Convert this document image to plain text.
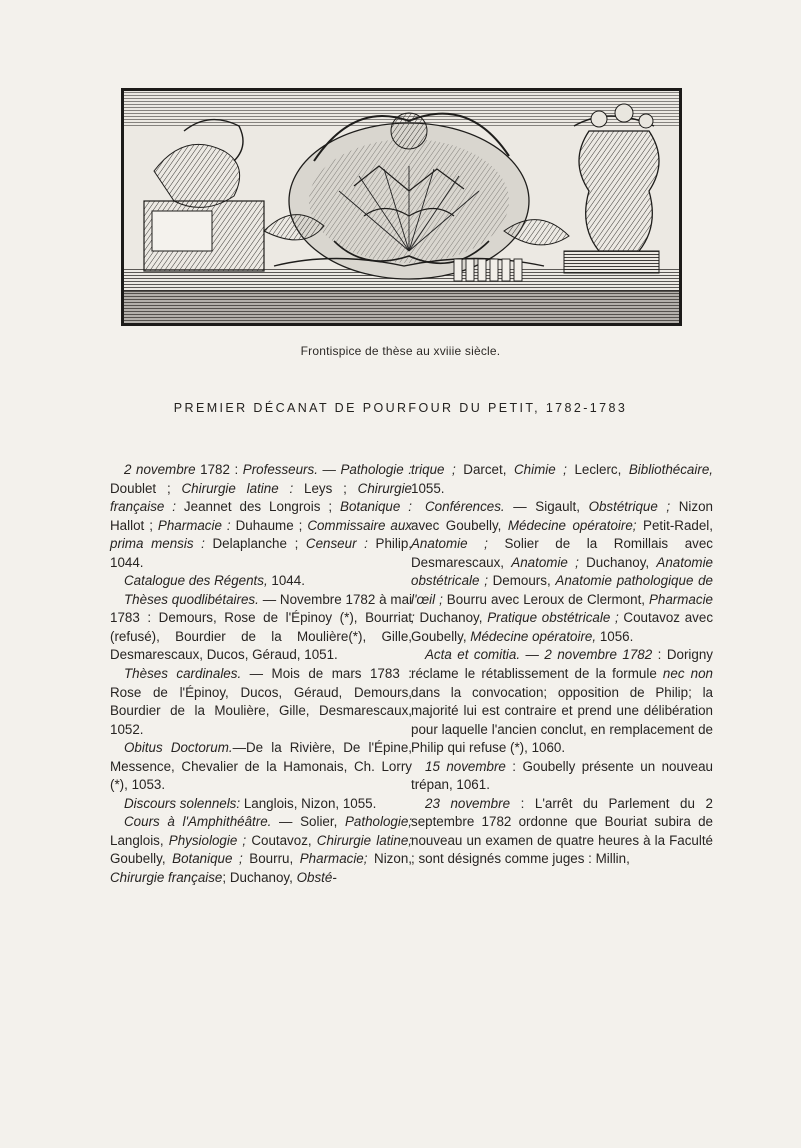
Frontispice de thèse au xviiie siècle.
PREMIER DÉCANAT DE POURFOUR DU PETIT, 1782-1783

2 novembre 1782 : Professeurs. — Pathologie : Doublet ; Chirurgie latine : Leys ; Chirurgie française : Jeannet des Longrois ; Botanique : Hallot ; Pharmacie : Duhaume ; Commissaire aux prima mensis : Delaplanche ; Censeur : Philip, 1044.

Catalogue des Régents, 1044.

Thèses quodlibétaires. — Novembre 1782 à mai 1783 : Demours, Rose de l'Épinoy (*), Bourriat (refusé), Bourdier de la Moulière(*), Gille, Desmarescaux, Ducos, Géraud, 1051.

Thèses cardinales. — Mois de mars 1783 : Rose de l'Épinoy, Ducos, Géraud, Demours, Bourdier de la Moulière, Gille, Desmarescaux, 1052.

Obitus Doctorum.—De la Rivière, De l'Épine, Messence, Chevalier de la Hamonais, Ch. Lorry (*), 1053.

Discours solennels: Langlois, Nizon, 1055.

Cours à l'Amphithéâtre. — Solier, Pathologie; Langlois, Physiologie ; Coutavoz, Chirurgie latine; Goubelly, Botanique ; Bourru, Pharmacie; Nizon, Chirurgie française; Duchanoy, Obsté-

trique ; Darcet, Chimie ; Leclerc, Bibliothécaire, 1055.

Conférences. — Sigault, Obstétrique ; Nizon avec Goubelly, Médecine opératoire; Petit-Radel, Anatomie ; Solier de la Romillais avec Desmarescaux, Anatomie ; Duchanoy, Anatomie obstétricale ; Demours, Anatomie pathologique de l'œil ; Bourru avec Leroux de Clermont, Pharmacie ; Duchanoy, Pratique obstétricale ; Coutavoz avec Goubelly, Médecine opératoire, 1056.

Acta et comitia. — 2 novembre 1782 : Dorigny réclame le rétablissement de la formule nec non dans la convocation; opposition de Philip; la majorité lui est contraire et prend une délibération pour laquelle l'ancien conclut, en remplacement de Philip qui refuse (*), 1060.

15 novembre : Goubelly présente un nouveau trépan, 1061.

23 novembre : L'arrêt du Parlement du 2 septembre 1782 ordonne que Bouriat subira de nouveau un examen de quatre heures à la Faculté ; sont désignés comme juges : Millin,
